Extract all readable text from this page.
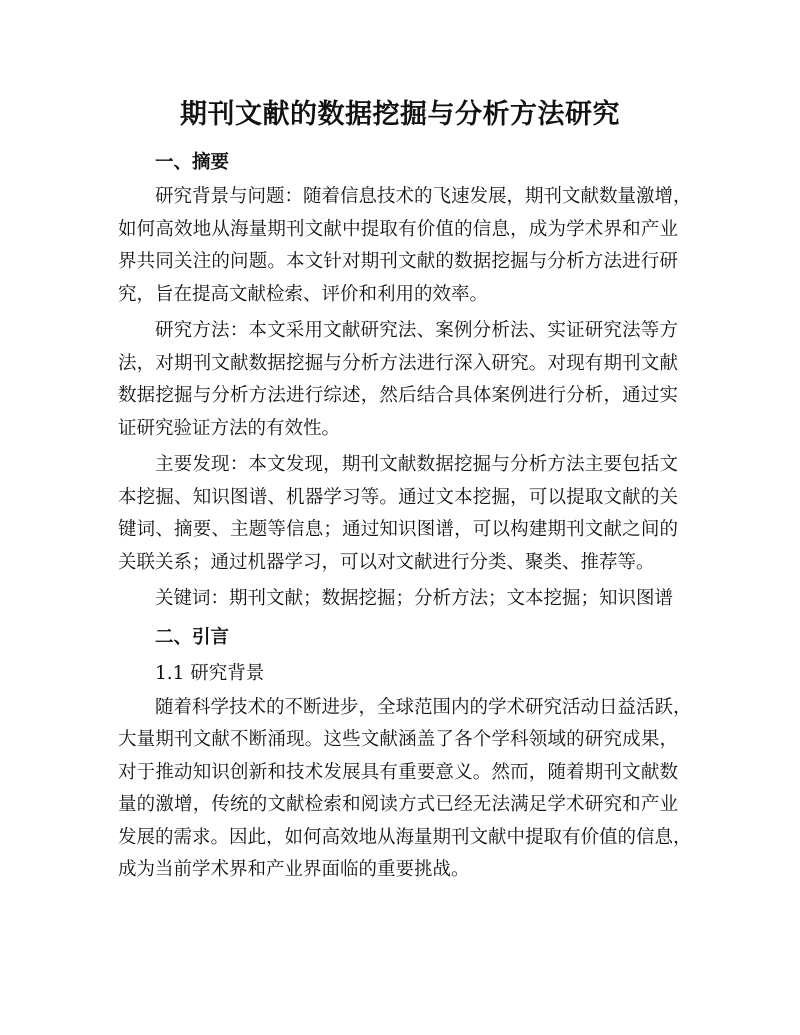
期刊文献的数据挖掘与分析方法研究
一、摘要
研究背景与问题：随着信息技术的飞速发展，期刊文献数量激增，
如何高效地从海量期刊文献中提取有价值的信息，成为学术界和产业
界共同关注的问题。本文针对期刊文献的数据挖掘与分析方法进行研
究，旨在提高文献检索、评价和利用的效率。
研究方法：本文采用文献研究法、案例分析法、实证研究法等方
法，对期刊文献数据挖掘与分析方法进行深入研究。对现有期刊文献
数据挖掘与分析方法进行综述，然后结合具体案例进行分析，通过实
证研究验证方法的有效性。
主要发现：本文发现，期刊文献数据挖掘与分析方法主要包括文
本挖掘、知识图谱、机器学习等。通过文本挖掘，可以提取文献的关
键词、摘要、主题等信息；通过知识图谱，可以构建期刊文献之间的
关联关系；通过机器学习，可以对文献进行分类、聚类、推荐等。
关键词：期刊文献；数据挖掘；分析方法；文本挖掘；知识图谱
二、引言
1.1 研究背景
随着科学技术的不断进步，全球范围内的学术研究活动日益活跃，
大量期刊文献不断涌现。这些文献涵盖了各个学科领域的研究成果，
对于推动知识创新和技术发展具有重要意义。然而，随着期刊文献数
量的激增，传统的文献检索和阅读方式已经无法满足学术研究和产业
发展的需求。因此，如何高效地从海量期刊文献中提取有价值的信息，
成为当前学术界和产业界面临的重要挑战。
